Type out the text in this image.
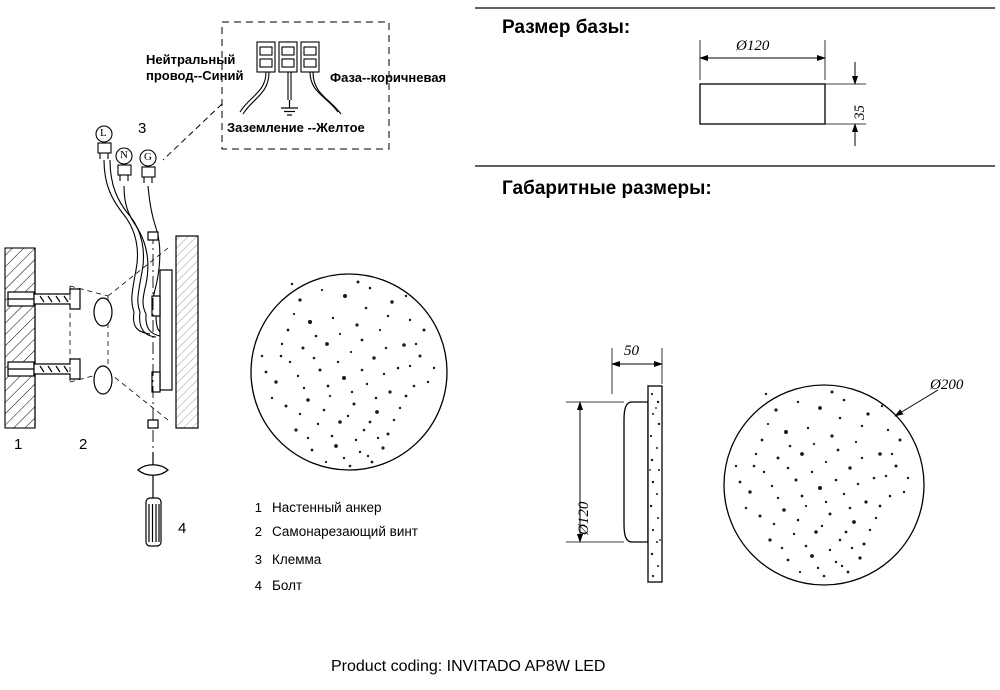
Нейтральный
провод--Синий	Фаза--коричневая
Заземление --Желтое
L
N G
3
1	2
4
1 Настенный анкер
2 Самонарезающий винт
3 Клемма
4 Болт
Размер базы:
Габаритные размеры:
Ø120
35
50
Ø120
Ø200
Product coding: INVITADO AP8W LED
